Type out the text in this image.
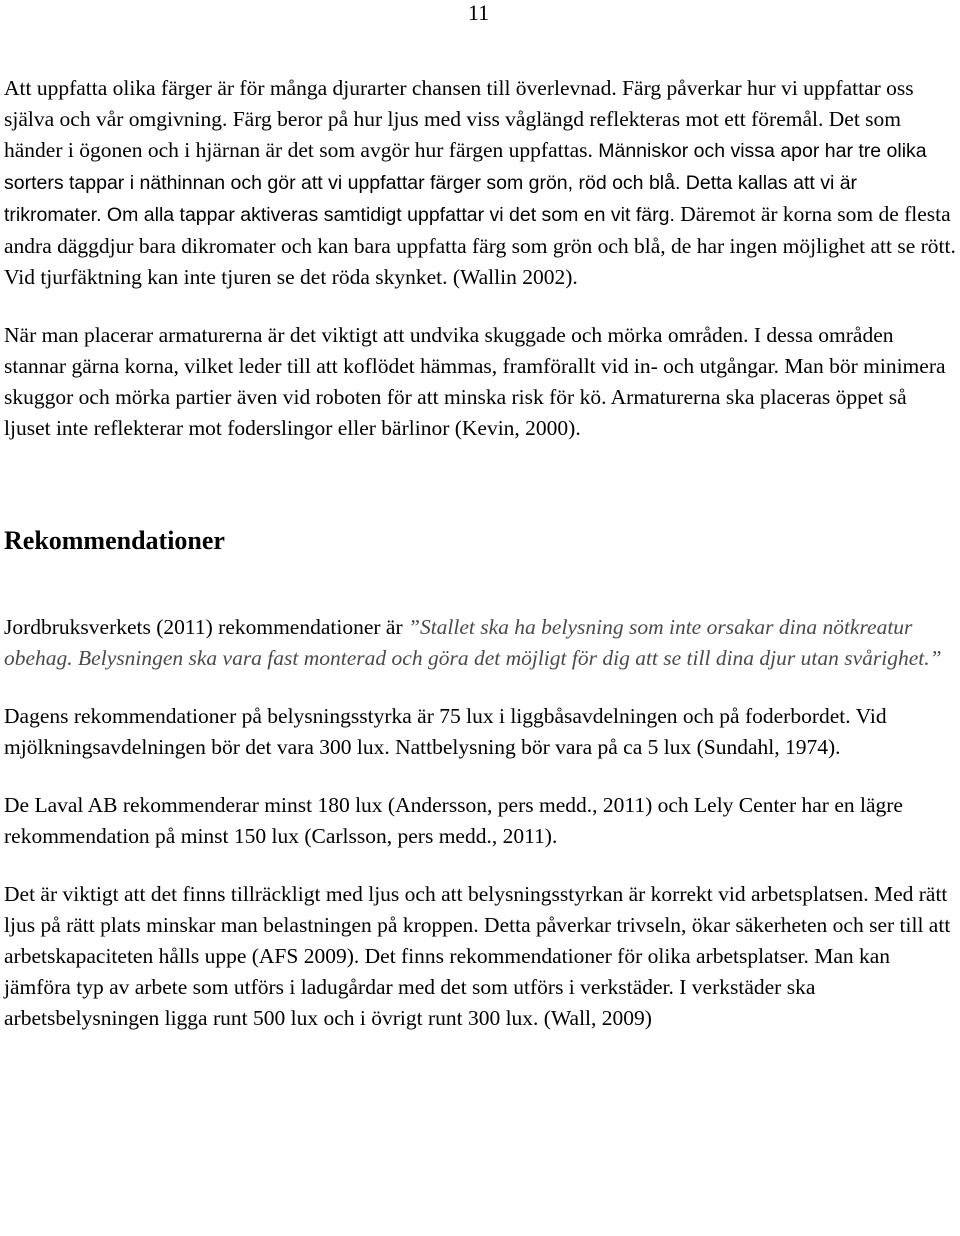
11

Att uppfatta olika färger är för många djurarter chansen till överlevnad. Färg påverkar hur vi uppfattar oss själva och vår omgivning. Färg beror på hur ljus med viss våglängd reflekteras mot ett föremål. Det som händer i ögonen och i hjärnan är det som avgör hur färgen uppfattas. Människor och vissa apor har tre olika sorters tappar i näthinnan och gör att vi uppfattar färger som grön, röd och blå. Detta kallas att vi är trikromater. Om alla tappar aktiveras samtidigt uppfattar vi det som en vit färg. Däremot är korna som de flesta andra däggdjur bara dikromater och kan bara uppfatta färg som grön och blå, de har ingen möjlighet att se rött. Vid tjurfäktning kan inte tjuren se det röda skynket. (Wallin 2002).

När man placerar armaturerna är det viktigt att undvika skuggade och mörka områden. I dessa områden stannar gärna korna, vilket leder till att koflödet hämmas, framförallt vid in- och utgångar. Man bör minimera skuggor och mörka partier även vid roboten för att minska risk för kö. Armaturerna ska placeras öppet så ljuset inte reflekterar mot foderslingor eller bärlinor (Kevin, 2000).

Rekommendationer

Jordbruksverkets (2011) rekommendationer är ”Stallet ska ha belysning som inte orsakar dina nötkreatur obehag. Belysningen ska vara fast monterad och göra det möjligt för dig att se till dina djur utan svårighet.”

Dagens rekommendationer på belysningsstyrka är 75 lux i liggbåsavdelningen och på foderbordet. Vid mjölkningsavdelningen bör det vara 300 lux. Nattbelysning bör vara på ca 5 lux (Sundahl, 1974).

De Laval AB rekommenderar minst 180 lux (Andersson, pers medd., 2011) och Lely Center har en lägre rekommendation på minst 150 lux (Carlsson, pers medd., 2011).

Det är viktigt att det finns tillräckligt med ljus och att belysningsstyrkan är korrekt vid arbetsplatsen. Med rätt ljus på rätt plats minskar man belastningen på kroppen. Detta påverkar trivseln, ökar säkerheten och ser till att arbetskapaciteten hålls uppe (AFS 2009). Det finns rekommendationer för olika arbetsplatser. Man kan jämföra typ av arbete som utförs i ladugårdar med det som utförs i verkstäder. I verkstäder ska arbetsbelysningen ligga runt 500 lux och i övrigt runt 300 lux. (Wall, 2009)
